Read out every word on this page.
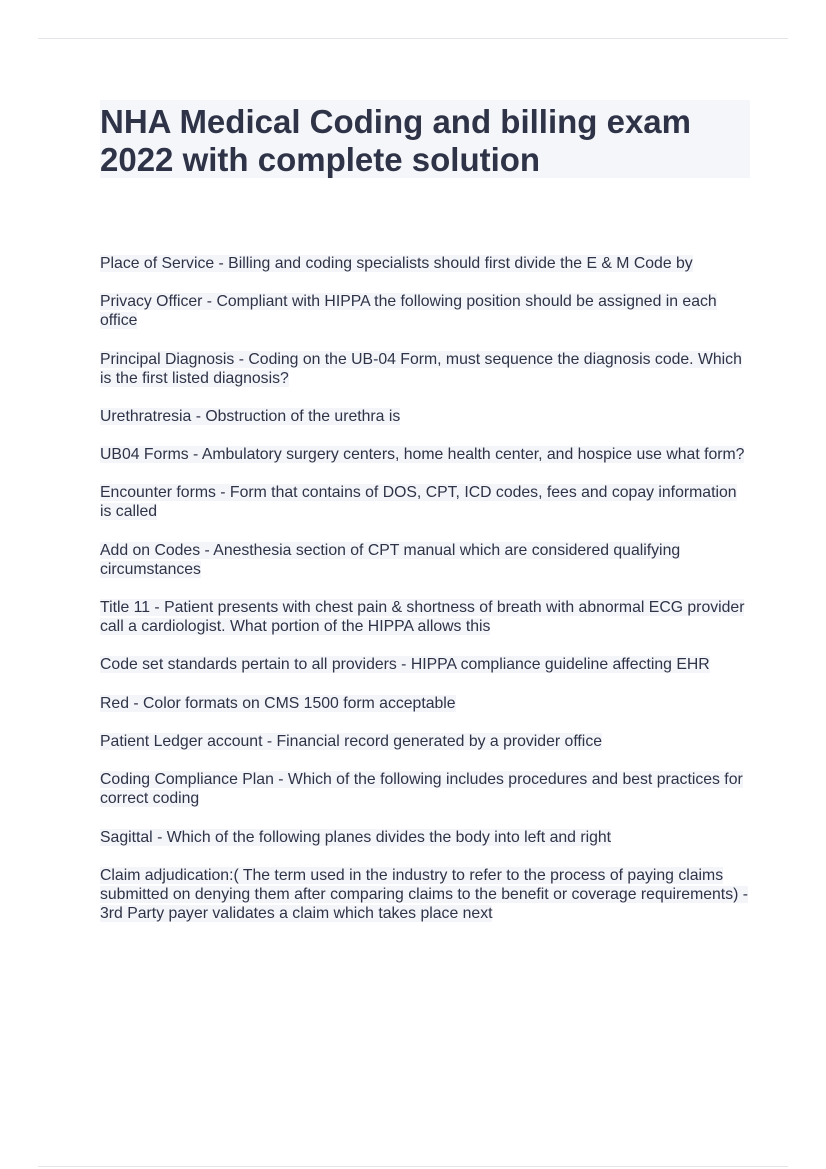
NHA Medical Coding and billing exam 2022 with complete solution
Place of Service - Billing and coding specialists should first divide the E & M Code by
Privacy Officer - Compliant with HIPPA the following position should be assigned in each office
Principal Diagnosis - Coding on the UB-04 Form, must sequence the diagnosis code. Which is the first listed diagnosis?
Urethratresia - Obstruction of the urethra is
UB04 Forms - Ambulatory surgery centers, home health center, and hospice use what form?
Encounter forms - Form that contains of DOS, CPT, ICD codes, fees and copay information is called
Add on Codes - Anesthesia section of CPT manual which are considered qualifying circumstances
Title 11 - Patient presents with chest pain & shortness of breath with abnormal ECG provider call a cardiologist. What portion of the HIPPA allows this
Code set standards pertain to all providers - HIPPA compliance guideline affecting EHR
Red - Color formats on CMS 1500 form acceptable
Patient Ledger account - Financial record generated by a provider office
Coding Compliance Plan - Which of the following includes procedures and best practices for correct coding
Sagittal - Which of the following planes divides the body into left and right
Claim adjudication:( The term used in the industry to refer to the process of paying claims submitted on denying them after comparing claims to the benefit or coverage requirements) - 3rd Party payer validates a claim which takes place next
